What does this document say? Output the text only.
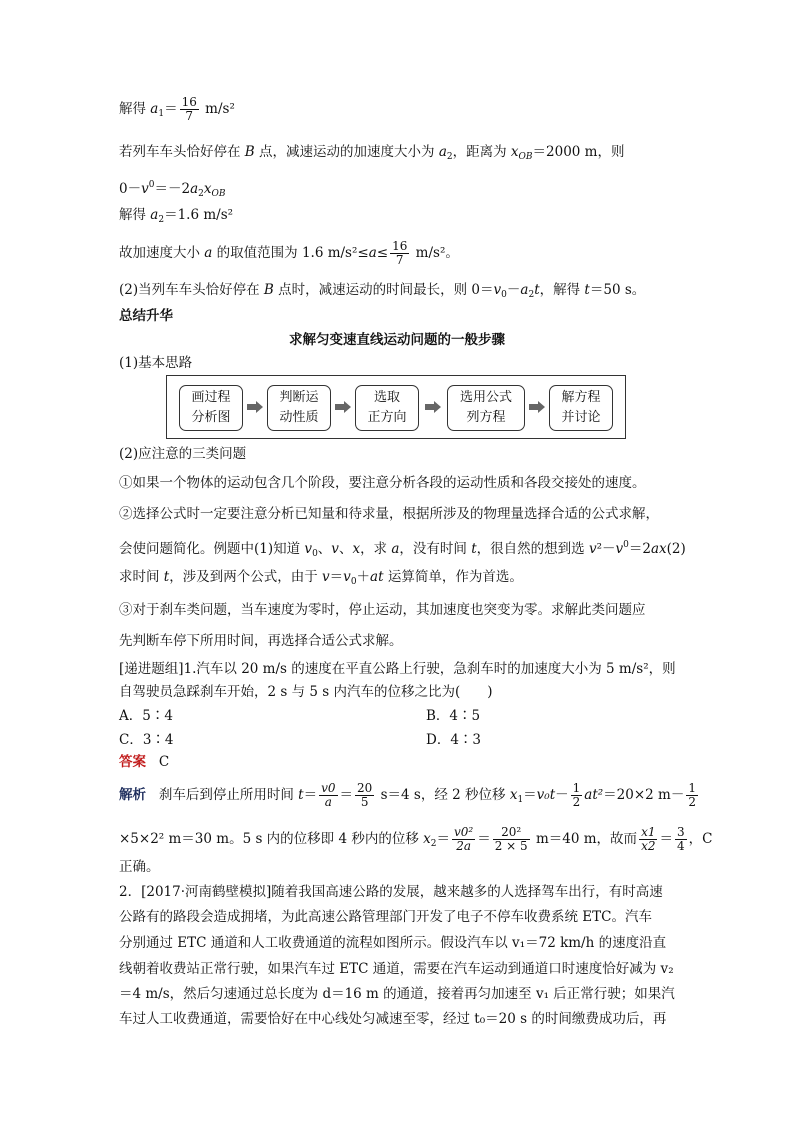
解得 $a_1= \frac{16}{7} m/s^2$
若列车车头恰好停在 B 点，减速运动的加速度大小为 $a_2$，距离为 $x_{OB}=2000$ m，则
$0-v^0=-2a_2x_{OB}$
解得 $a_2=1.6$ m/s²
故加速度大小 a 的取值范围为 1.6 $m/s^2\le a\le \frac{16}{7} m/s^2$。
(2)当列车车头恰好停在 B 点时，减速运动的时间最长，则 $0=v_0-a_2t$，解得 t＝50 s。
总结升华
求解匀变速直线运动问题的一般步骤
(1)基本思路
画过程
分析图
判断运
动性质
选取
正方向
选用公式
列方程
解方程
并讨论
(2)应注意的三类问题
①如果一个物体的运动包含几个阶段，要注意分析各段的运动性质和各段交接处的速度。
②选择公式时一定要注意分析已知量和待求量，根据所涉及的物理量选择合适的公式求解，
会使问题简化。例题中(1)知道 $v_0$、v、x，求 a，没有时间 t，很自然的想到选 $v^2-v^0=2ax(2)$
求时间 t，涉及到两个公式，由于 $v=v_0+at$ 运算简单，作为首选。
③对于刹车类问题，当车速度为零时，停止运动，其加速度也突变为零。求解此类问题应
先判断车停下所用时间，再选择合适公式求解。
[递进题组]1.汽车以 20 m/s 的速度在平直公路上行驶，急刹车时的加速度大小为 5 m/s²，则
自驾驶员急踩刹车开始，2 s 与 5 s 内汽车的位移之比为(　　)
A．5∶4	B．4∶5
C．3∶4	D．4∶3
答案 C
解析 刹车后到停止所用时间 $t= \frac{v0}{a} = \frac{20}{5} s=4$ s，经 2 秒位移 $x_1=v_0t- \frac{1}{2} at^2=20\times 2$ $m- \frac{1}{2}$
×5×2² m＝30 m。5 s 内的位移即 4 秒内的位移 $x_2= \frac{\text{v0²}}{2a} = \frac{\text{20²}}{2 \times 5} m=40$ m，故而 $\frac{x1}{x2} = \frac{3}{4}$ ，C
正确。
2．[2017·河南鹤壁模拟]随着我国高速公路的发展，越来越多的人选择驾车出行，有时高速
公路有的路段会造成拥堵，为此高速公路管理部门开发了电子不停车收费系统 ETC。汽车
分别通过 ETC 通道和人工收费通道的流程如图所示。假设汽车以 v₁＝72 km/h 的速度沿直
线朝着收费站正常行驶，如果汽车过 ETC 通道，需要在汽车运动到通道口时速度恰好减为 v₂
＝4 m/s，然后匀速通过总长度为 d＝16 m 的通道，接着再匀加速至 v₁ 后正常行驶；如果汽
车过人工收费通道，需要恰好在中心线处匀减速至零，经过 t₀＝20 s 的时间缴费成功后，再
